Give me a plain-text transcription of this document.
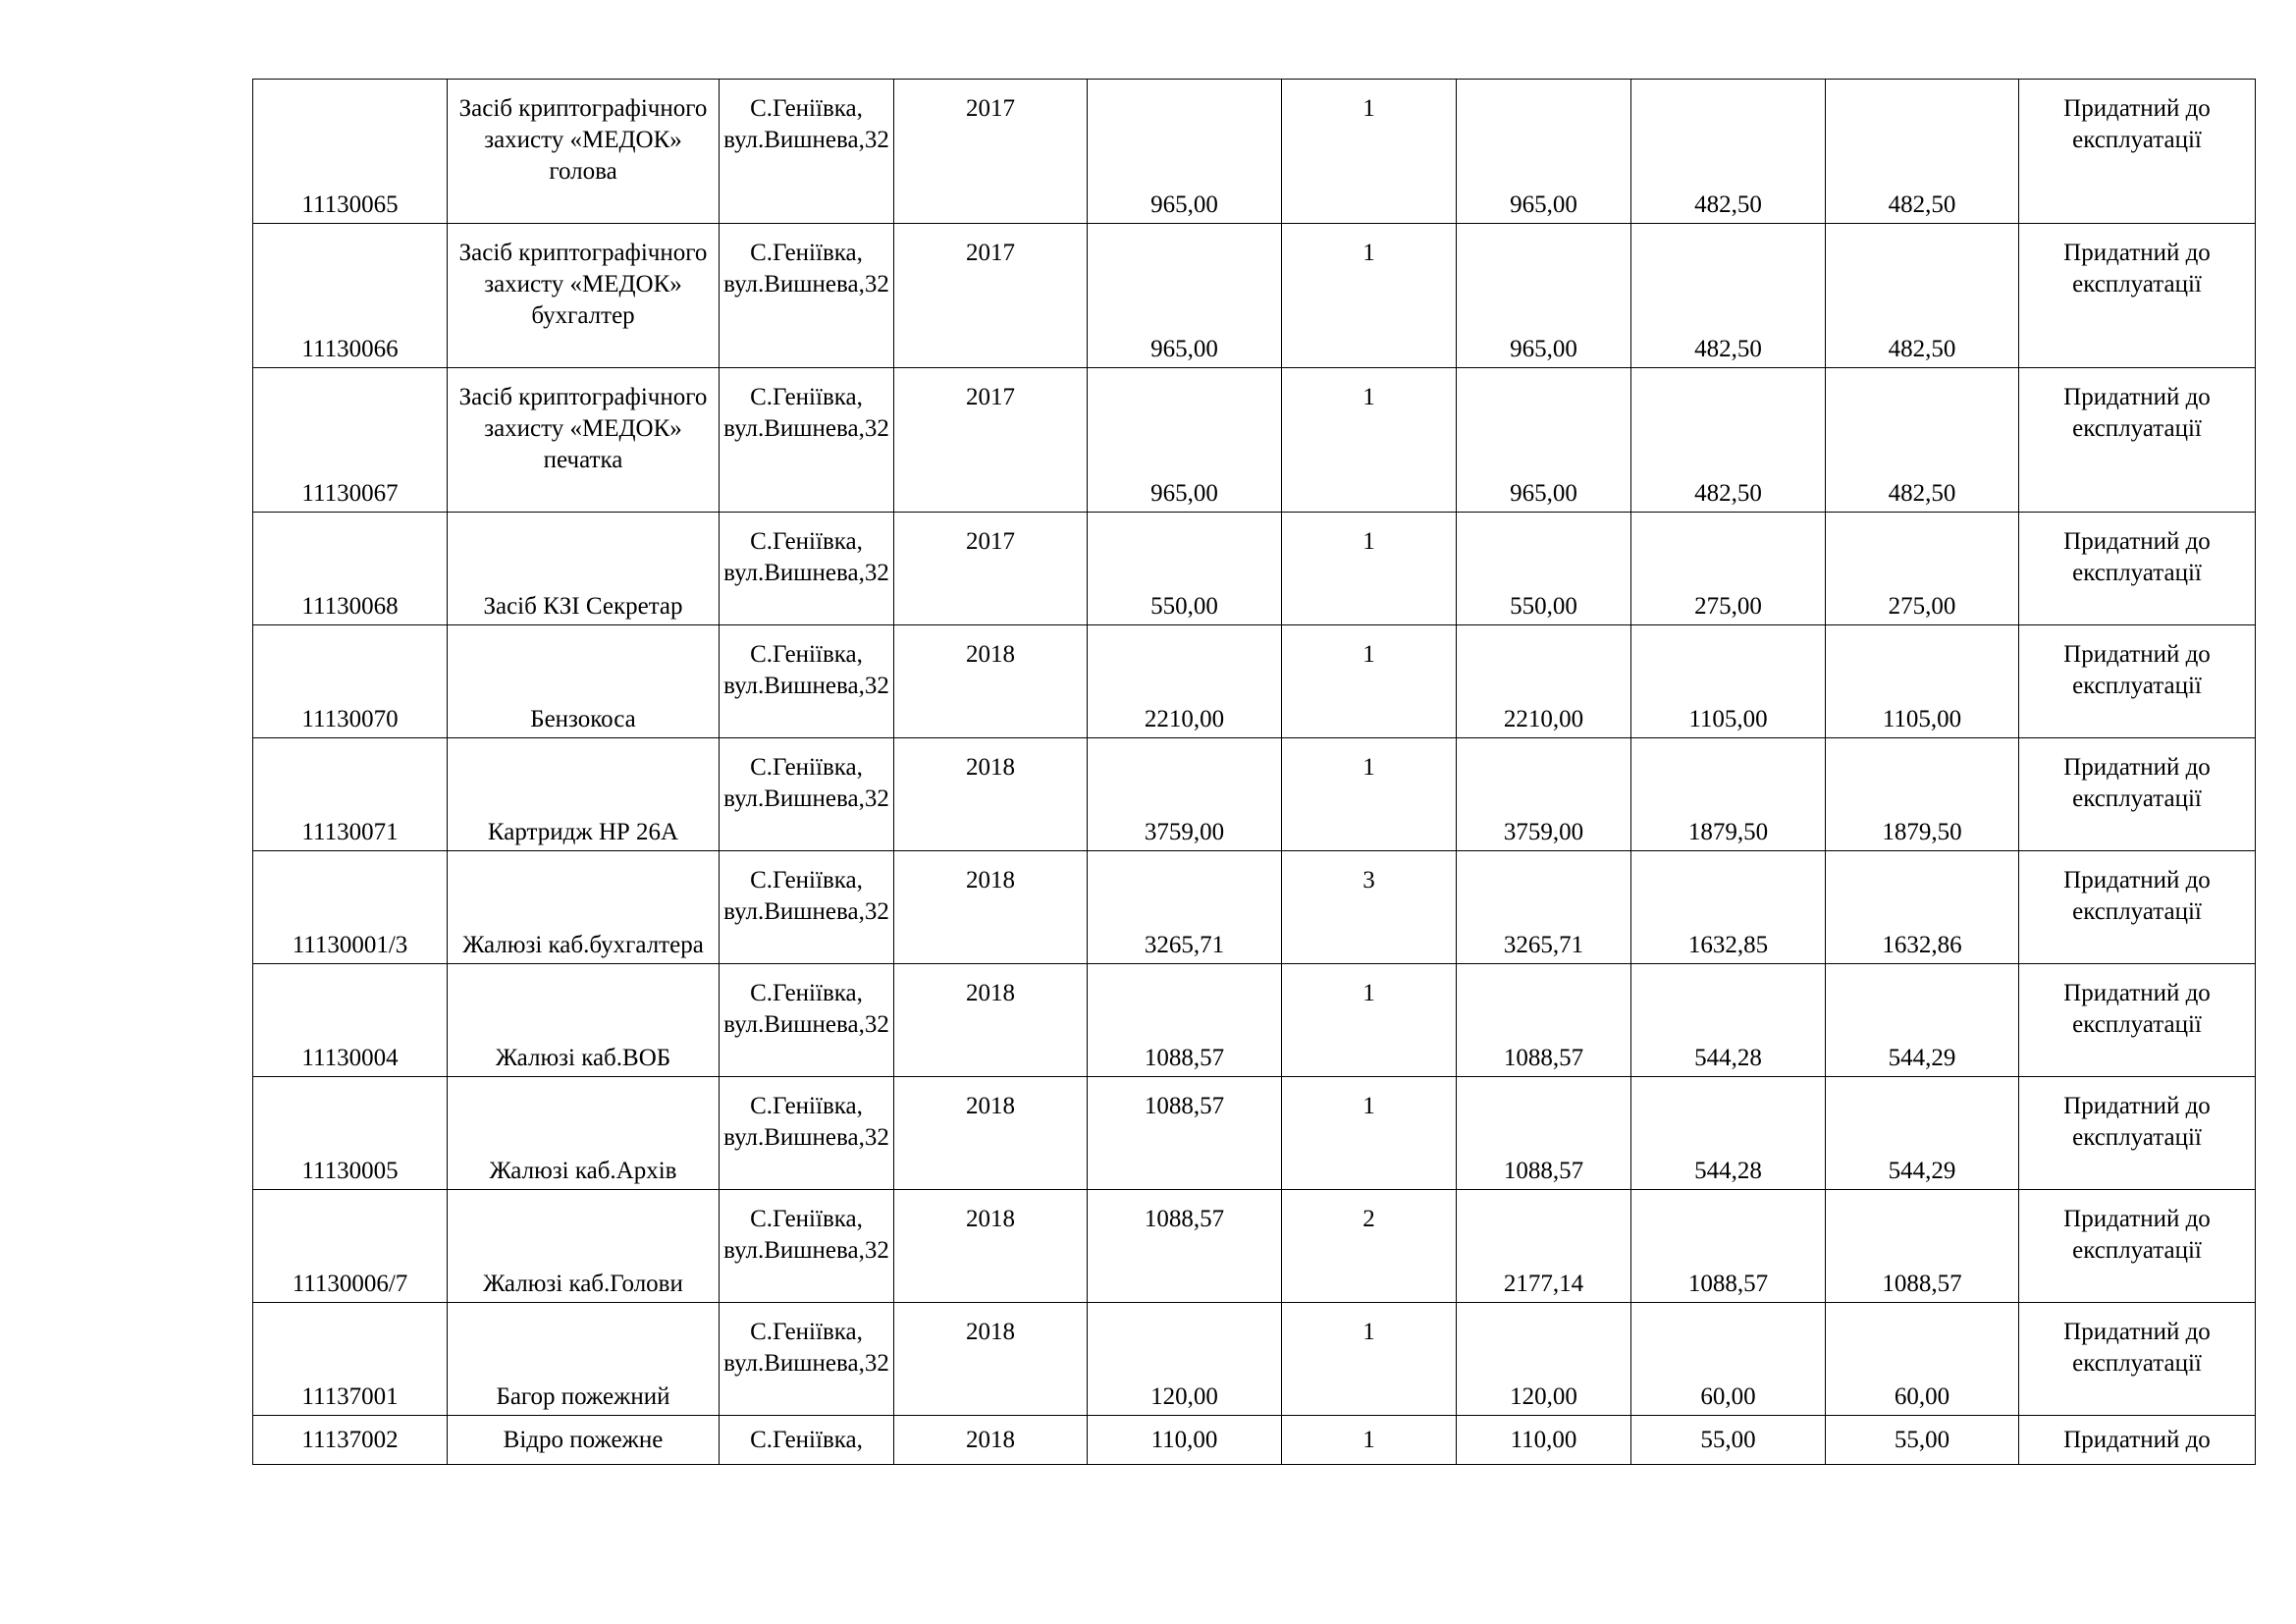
11130065	Засіб криптографічного захисту «МЕДОК» голова	С.Геніївка, вул.Вишнева,32	2017	965,00	1	965,00	482,50	482,50	Придатний до експлуатації
11130066	Засіб криптографічного захисту «МЕДОК» бухгалтер	С.Геніївка, вул.Вишнева,32	2017	965,00	1	965,00	482,50	482,50	Придатний до експлуатації
11130067	Засіб криптографічного захисту «МЕДОК» печатка	С.Геніївка, вул.Вишнева,32	2017	965,00	1	965,00	482,50	482,50	Придатний до експлуатації
11130068	Засіб КЗІ Секретар	С.Геніївка, вул.Вишнева,32	2017	550,00	1	550,00	275,00	275,00	Придатний до експлуатації
11130070	Бензокоса	С.Геніївка, вул.Вишнева,32	2018	2210,00	1	2210,00	1105,00	1105,00	Придатний до експлуатації
11130071	Картридж НР 26А	С.Геніївка, вул.Вишнева,32	2018	3759,00	1	3759,00	1879,50	1879,50	Придатний до експлуатації
11130001/3	Жалюзі каб.бухгалтера	С.Геніївка, вул.Вишнева,32	2018	3265,71	3	3265,71	1632,85	1632,86	Придатний до експлуатації
11130004	Жалюзі каб.ВОБ	С.Геніївка, вул.Вишнева,32	2018	1088,57	1	1088,57	544,28	544,29	Придатний до експлуатації
11130005	Жалюзі каб.Архів	С.Геніївка, вул.Вишнева,32	2018	1088,57	1	1088,57	544,28	544,29	Придатний до експлуатації
11130006/7	Жалюзі каб.Голови	С.Геніївка, вул.Вишнева,32	2018	1088,57	2	2177,14	1088,57	1088,57	Придатний до експлуатації
11137001	Багор пожежний	С.Геніївка, вул.Вишнева,32	2018	120,00	1	120,00	60,00	60,00	Придатний до експлуатації
11137002	Відро пожежне	С.Геніївка,	2018	110,00	1	110,00	55,00	55,00	Придатний до
